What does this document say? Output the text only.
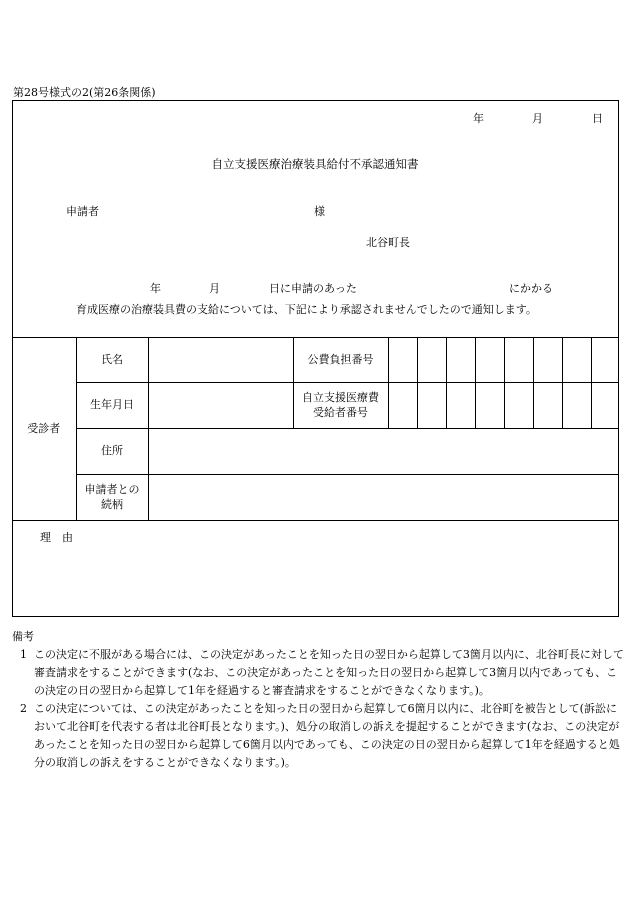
第28号様式の2(第26条関係)
年	月	日
自立支援医療治療装具給付不承認通知書
申請者	様
北谷町長
年	月	日に申請のあった	にかかる
育成医療の治療装具費の支給については、下記により承認されませんでしたので通知します。
受診者	氏名		公費負担番号								
	生年月日		自立支援医療費
受給者番号								

	住所										

	申請者との
続柄										

理　由
備考
1 この決定に不服がある場合には、この決定があったことを知った日の翌日から起算して3箇月以内に、北谷町長に対して審査請求をすることができます(なお、この決定があったことを知った日の翌日から起算して3箇月以内であっても、この決定の日の翌日から起算して1年を経過すると審査請求をすることができなくなります。)。
2 この決定については、この決定があったことを知った日の翌日から起算して6箇月以内に、北谷町を被告として(訴訟において北谷町を代表する者は北谷町長となります。)、処分の取消しの訴えを提起することができます(なお、この決定があったことを知った日の翌日から起算して6箇月以内であっても、この決定の日の翌日から起算して1年を経過すると処分の取消しの訴えをすることができなくなります。)。
